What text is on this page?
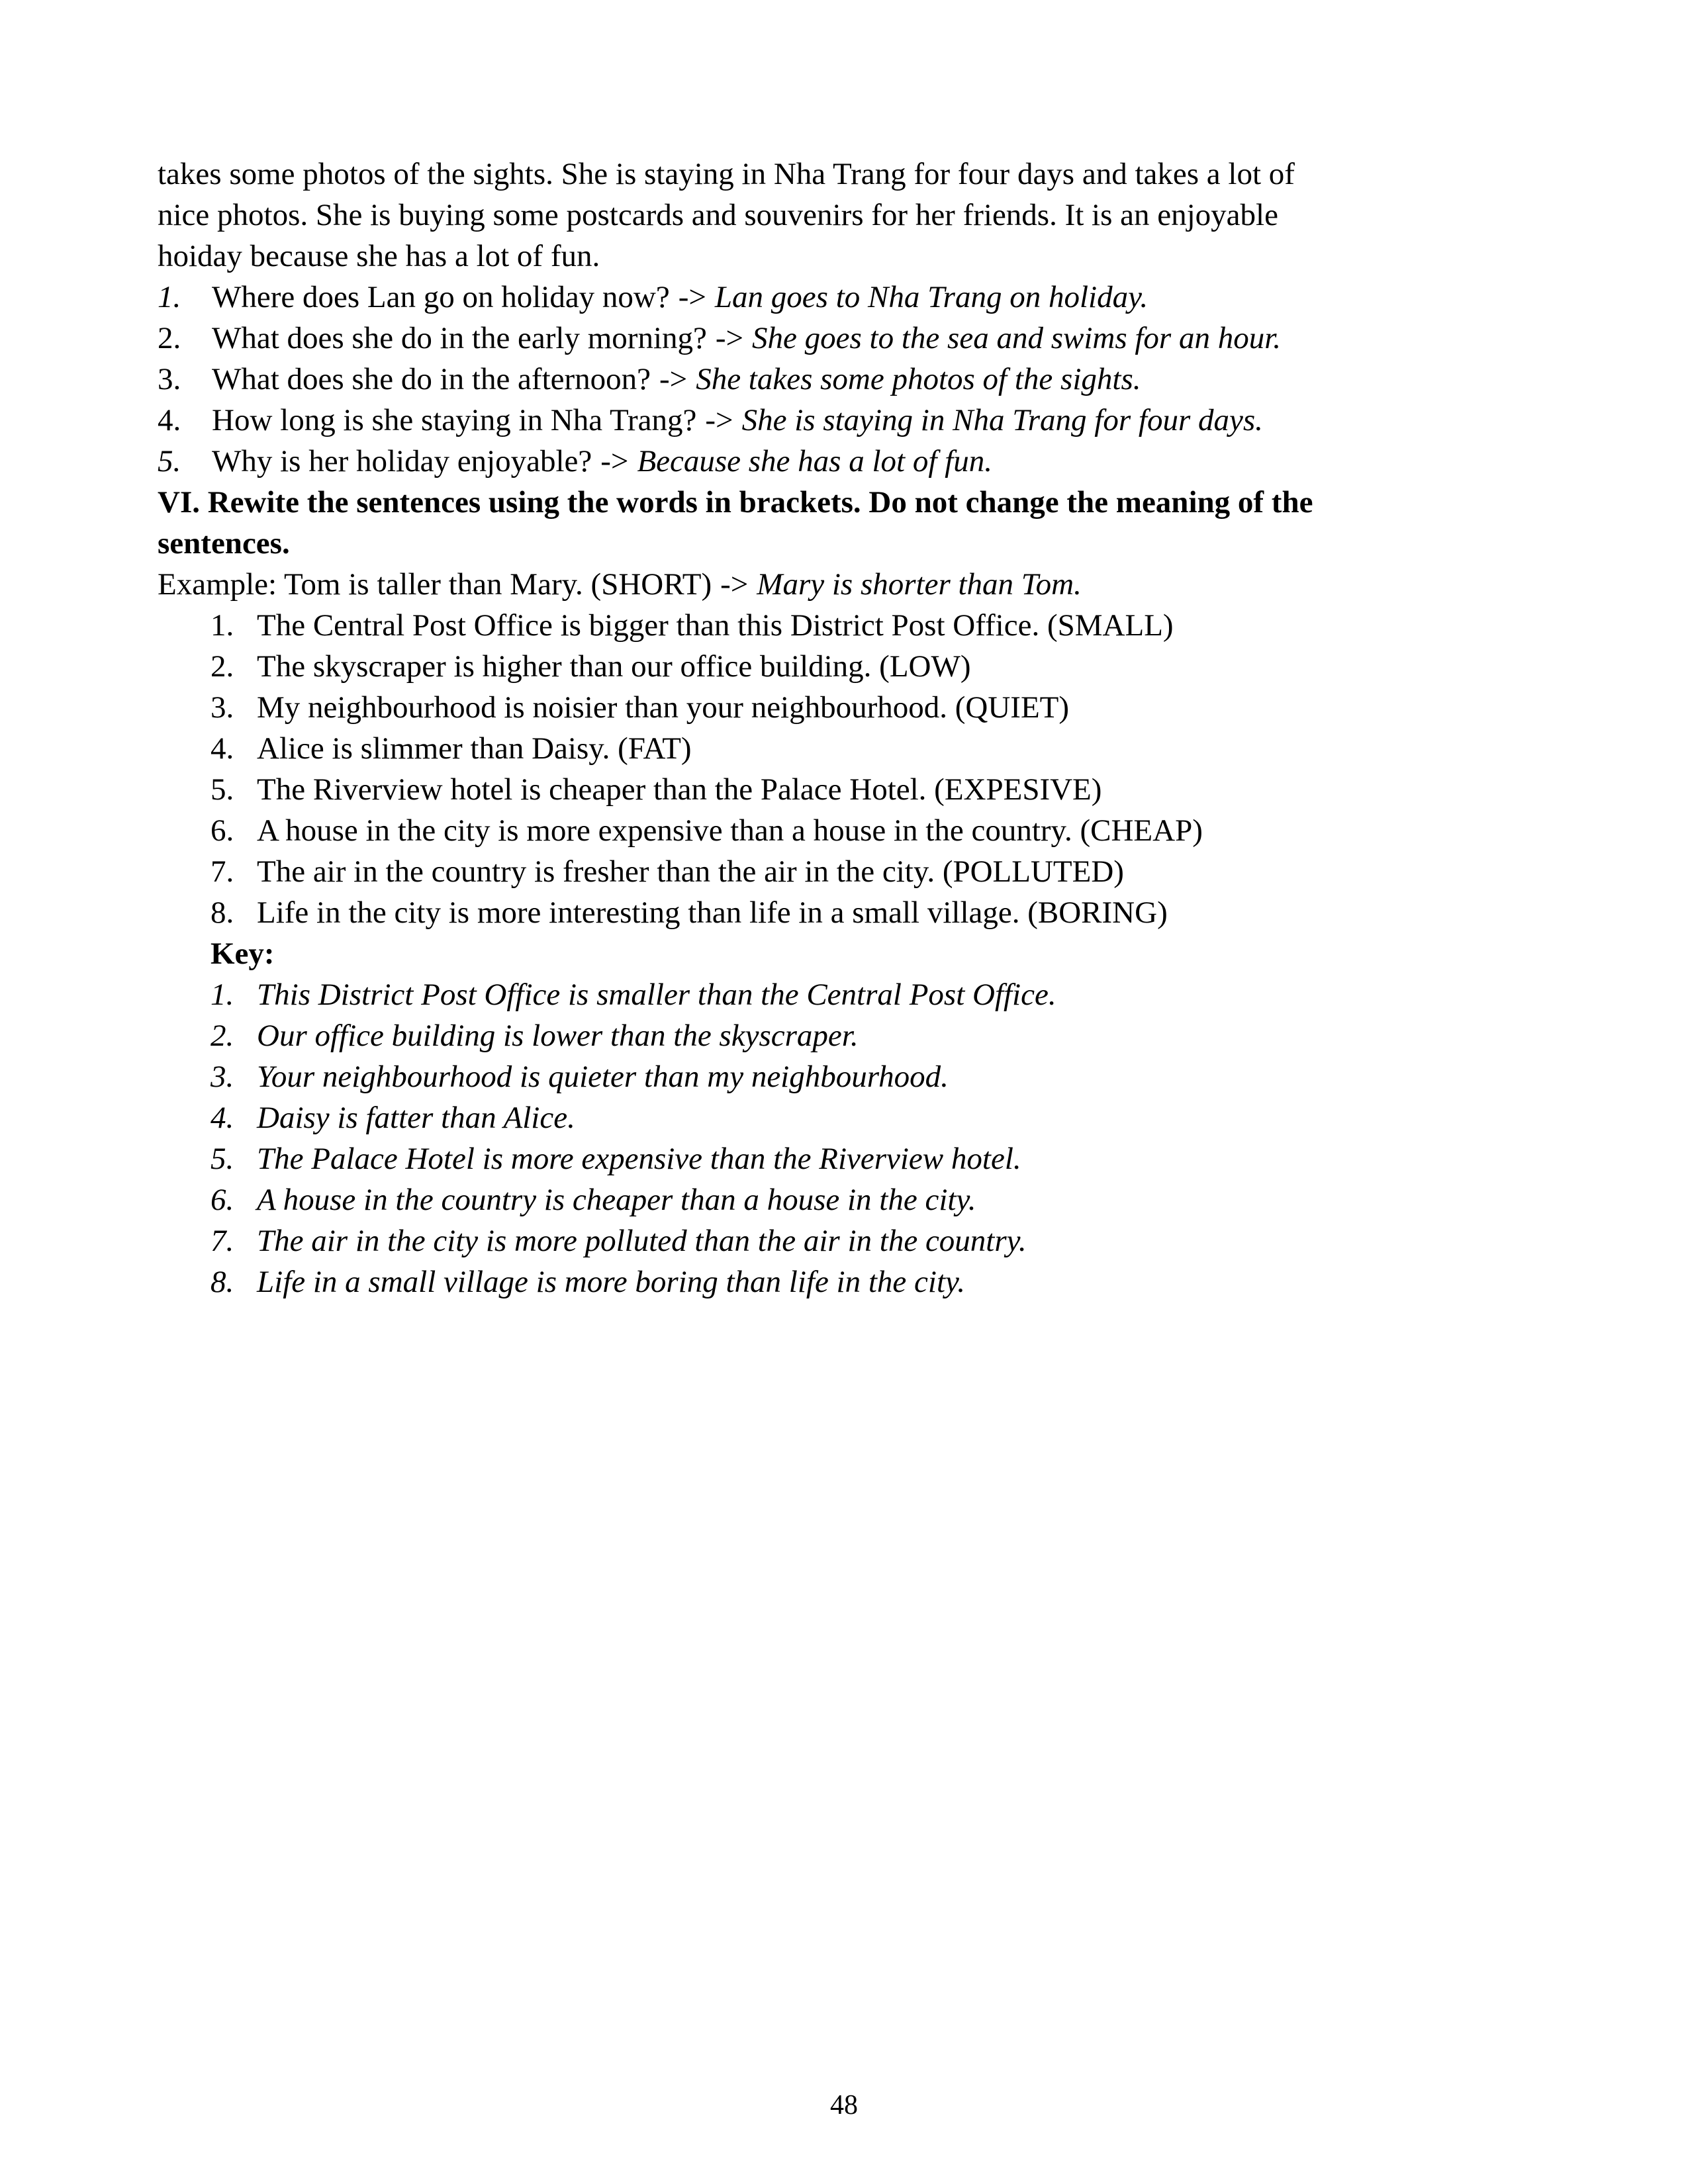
takes some photos of the sights. She is staying in Nha Trang for four days and takes a lot of
nice photos. She is buying some postcards and souvenirs for her friends. It is an enjoyable
hoiday because she has a lot of fun.
1. Where does Lan go on holiday now? -> Lan goes to Nha Trang on holiday.
2. What does she do in the early morning? -> She goes to the sea and swims for an hour.
3. What does she do in the afternoon? -> She takes some photos of the sights.
4. How long is she staying in Nha Trang? -> She is staying in Nha Trang for four days.
5. Why is her holiday enjoyable? -> Because she has a lot of fun.
VI. Rewite the sentences using the words in brackets. Do not change the meaning of the
sentences.
Example: Tom is taller than Mary. (SHORT) -> Mary is shorter than Tom.
1. The Central Post Office is bigger than this District Post Office. (SMALL)
2. The skyscraper is higher than our office building. (LOW)
3. My neighbourhood is noisier than your neighbourhood. (QUIET)
4. Alice is slimmer than Daisy. (FAT)
5. The Riverview hotel is cheaper than the Palace Hotel. (EXPESIVE)
6. A house in the city is more expensive than a house in the country. (CHEAP)
7. The air in the country is fresher than the air in the city. (POLLUTED)
8. Life in the city is more interesting than life in a small village. (BORING)
Key:
1. This District Post Office is smaller than the Central Post Office.
2. Our office building is lower than the skyscraper.
3. Your neighbourhood is quieter than my neighbourhood.
4. Daisy is fatter than Alice.
5. The Palace Hotel is more expensive than the Riverview hotel.
6. A house in the country is cheaper than a house in the city.
7. The air in the city is more polluted than the air in the country.
8. Life in a small village is more boring than life in the city.
48
